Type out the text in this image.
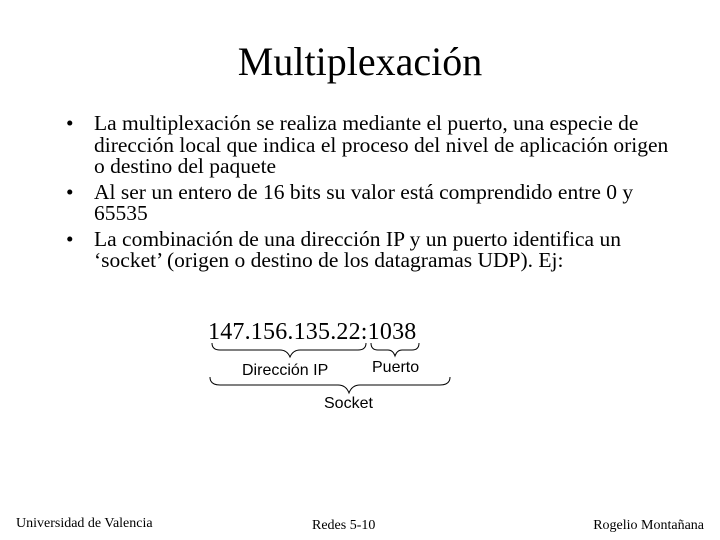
Multiplexación
• La multiplexación se realiza mediante el puerto, una especie de dirección local que indica el proceso del nivel de aplicación origen o destino del paquete
• Al ser un entero de 16 bits su valor está comprendido entre 0 y 65535
• La combinación de una dirección IP y un puerto identifica un ‘socket’ (origen o destino de los datagramas UDP). Ej:
147.156.135.22:1038
Dirección IP	Puerto
Socket
Universidad de Valencia	Redes 5-10	Rogelio Montañana
